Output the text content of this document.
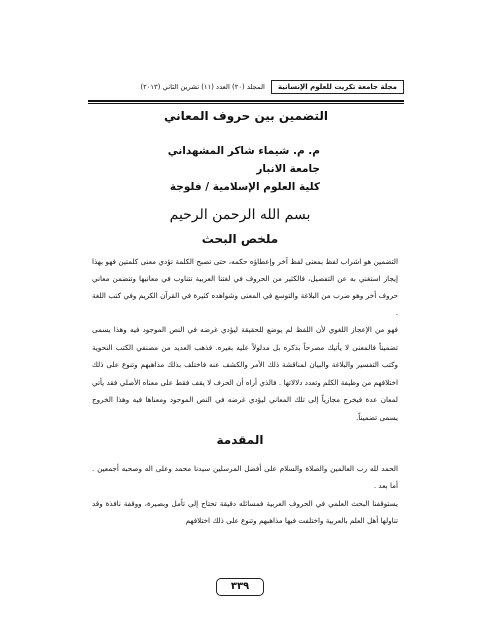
مجلة جامعة تكريت للعلوم الإنسانية
المجلد (٢٠) العدد (١١) تشرين الثاني (٢٠١٣)
التضمين بين حروف المعاني
م. م. شيماء شاكر المشهداني
جامعة الانبار
كلية العلوم الإسلامية / فلوجة
بسم الله الرحمن الرحيم
ملخص البحث

التضمين هو اشراب لفظ بمعنى لفظ آخر وإعطاؤه حكمه، حتى تصبح الكلمة تؤدي معنى كلمتين فهو بهذا إيجاز استغني به عن التفصيل، فالكثير من الحروف في لغتنا العربية تتناوب في معانيها وتتضمن معاني حروف أخر وهو ضرب من البلاغة والتوسع في المعنى وشواهده كثيرة في القرآن الكريم وفي كتب اللغة .

فهو من الإعجاز اللغوي لأن اللفظ لم يوضع للحقيقة ليؤدي غرضه في النص الموجود فيه وهذا يسمى تضميناً فالمعنى لا يأتيك مصرحاً بذكره بل مدلولاً عليه بغيره. فذهب العديد من مصنفي الكتب النحوية وكتب التفسير والبلاغة والبيان لمناقشة ذلك الأمر والكشف عنه فاختلف بذلك مذاهبهم وتنوع على ذلك اختلافهم من وظيفة الكلم وتعدد دلالاتها . فالذي أراه أن الحرف لا يقف فقط على معناه الأصلي فقد يأتي لمعان عدة فيخرج مجازياً إلى تلك المعاني ليؤدي غرضه في النص الموجود ومعناها فيه وهذا الخروج يسمى تضميناً.

المقدمة

الحمد لله رب العالمين والصلاة والسلام على أفضل المرسلين سيدنا محمد وعلى اله وصحبه أجمعين . أما بعد .

يستوقفنا البحث العلمي في الحروف العربية فمسائله دقيقة تحتاج إلى تأمل وبصيرة، ووقفة نافذة وقد تناولها أهل العلم بالعربية واختلفت فيها مذاهبهم وتنوع على ذلك اختلافهم

٣٣٩
